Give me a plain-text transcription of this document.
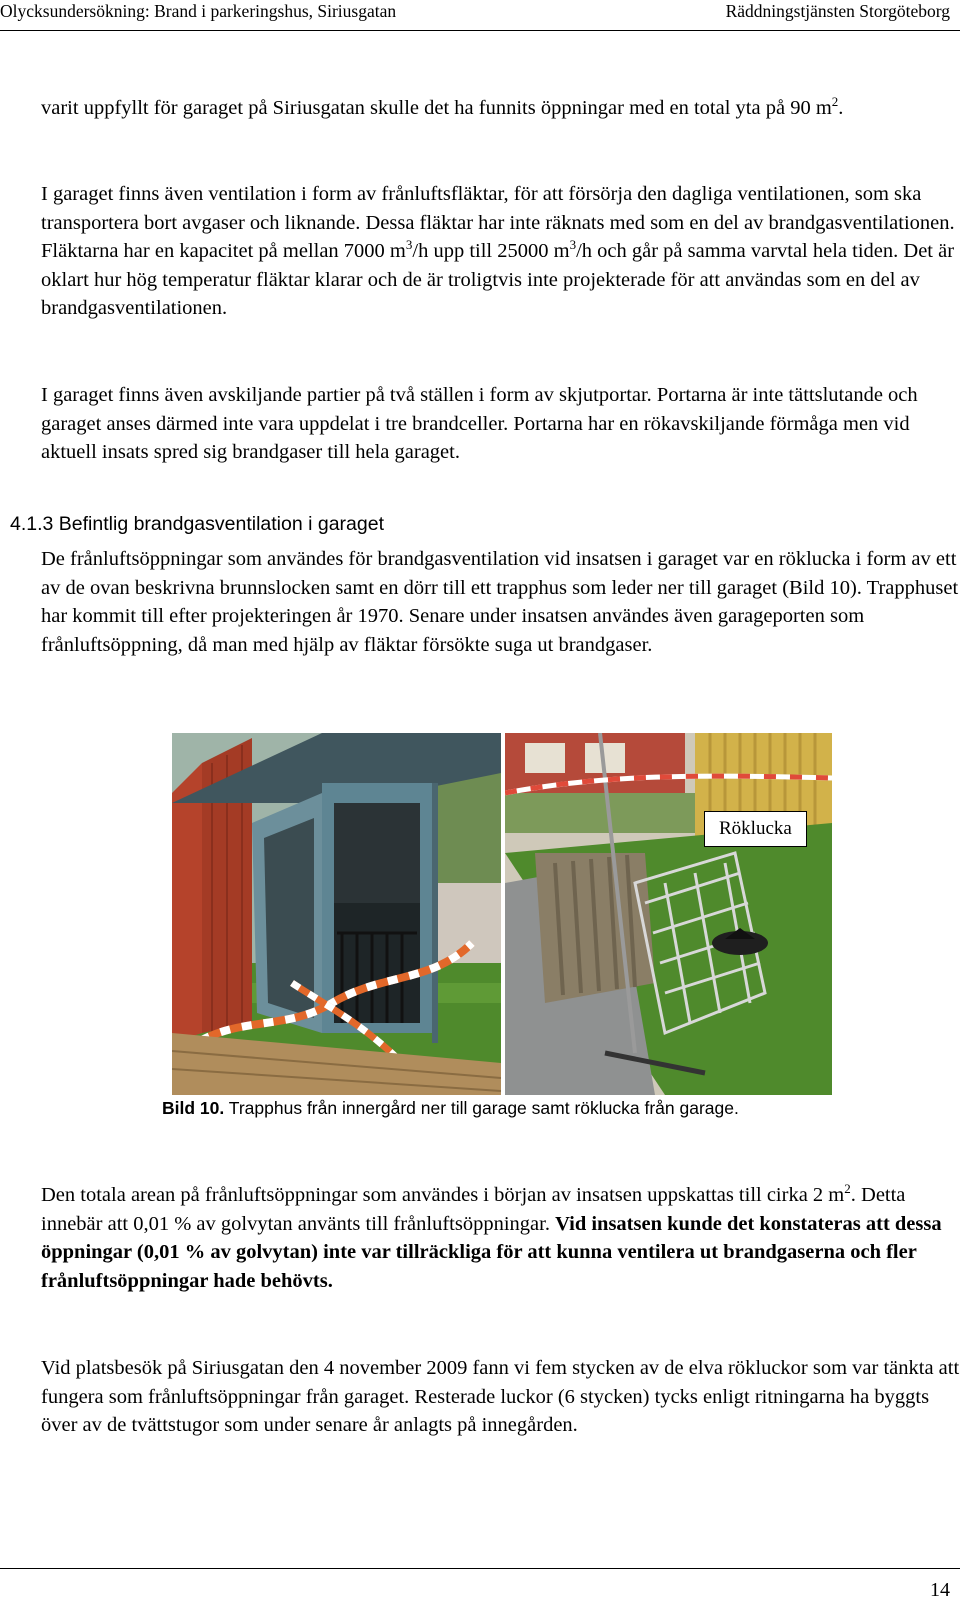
Olycksundersökning: Brand i parkeringshus, Siriusgatan	Räddningstjänsten Storgöteborg

varit uppfyllt för garaget på Siriusgatan skulle det ha funnits öppningar med en total yta på 90 $m^2$.

I garaget finns även ventilation i form av frånluftsfläktar, för att försörja den dagliga ventilationen, som ska transportera bort avgaser och liknande. Dessa fläktar har inte räknats med som en del av brandgasventilationen. Fläktarna har en kapacitet på mellan 7000 $m^3/h$ upp till 25000 $m^3/h$ och går på samma varvtal hela tiden. Det är oklart hur hög temperatur fläktar klarar och de är troligtvis inte projekterade för att användas som en del av brandgasventilationen.

I garaget finns även avskiljande partier på två ställen i form av skjutportar. Portarna är inte tättslutande och garaget anses därmed inte vara uppdelat i tre brandceller. Portarna har en rökavskiljande förmåga men vid aktuell insats spred sig brandgaser till hela garaget.

4.1.3 Befintlig brandgasventilation i garaget

De frånluftsöppningar som användes för brandgasventilation vid insatsen i garaget var en röklucka i form av ett av de ovan beskrivna brunnslocken samt en dörr till ett trapphus som leder ner till garaget (Bild 10). Trapphuset har kommit till efter projekteringen år 1970. Senare under insatsen användes även garageporten som frånluftsöppning, då man med hjälp av fläktar försökte suga ut brandgaser.

Röklucka

Bild 10. Trapphus från innergård ner till garage samt röklucka från garage.

Den totala arean på frånluftsöppningar som användes i början av insatsen uppskattas till cirka 2 $m^2$. Detta innebär att 0,01 % av golvytan använts till frånluftsöppningar. Vid insatsen kunde det konstateras att dessa öppningar (0,01 % av golvytan) inte var tillräckliga för att kunna ventilera ut brandgaserna och fler frånluftsöppningar hade behövts.

Vid platsbesök på Siriusgatan den 4 november 2009 fann vi fem stycken av de elva rökluckor som var tänkta att fungera som frånluftsöppningar från garaget. Resterade luckor (6 stycken) tycks enligt ritningarna ha byggts över av de tvättstugor som under senare år anlagts på innegården.

14
